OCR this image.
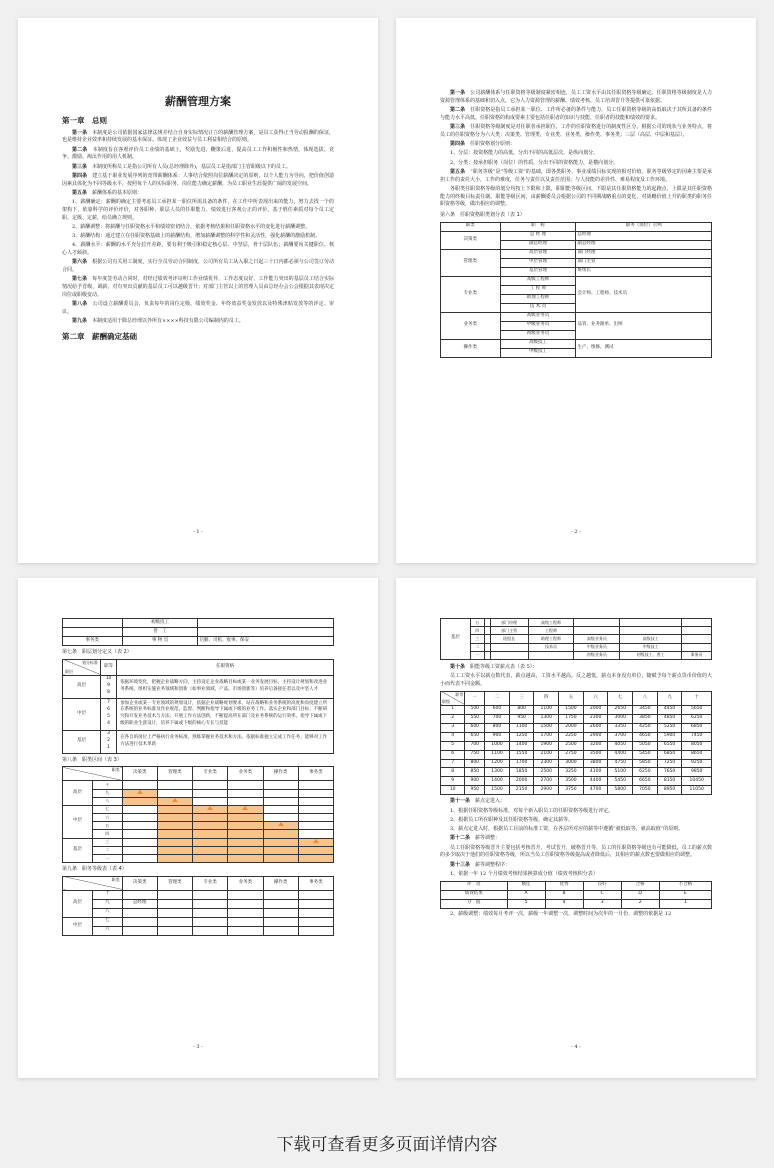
薪酬管理方案
第一章　总则
第一条　 本制度是公司依据国家法律法规并结合自身实际情况订立的薪酬管理方案，是员工获得正当劳动报酬的保证，也是维持企业效率和持续发展的基本保证。体现了企业效益与员工利益相结合的原则。
第二条　 本制度旨在客观评价员工业绩的基础上，奖励先进、鞭策后进，提高员工工作积极性和热情，体现选拔、竞争、激励、淘汰作用的用人机制。
第三条　 本制度所称员工是指公司所有人员(总经理除外)，基层员工是指部门主管职级以下的员工。
第四条　 建立基于职业发展序列的宽带薪酬体系：人事结合依照岗位薪酬决定的原则，以个人能力为导向，把价值创造因素具体化为不同等级水平，按照每个人的实际职务、岗位能力确定薪酬，为员工职业生涯提供广阔的发展空间。
第五条　 薪酬体系的基本原则：
1、薪酬确定：薪酬的确定主要考虑员工承担某一职位所需具备的条件，在工作中所表现出来的能力，努力去找一个的架构下，依靠科学的评价评价，对各职种、职层人员的任职能力、绩效进行客观公正的评价，基于胜任素质对每个员工定职、定级、定薪，给员确立规则。
2、薪酬调整：将薪酬与任职资格水平和绩效密切结合，依据考核结果和任职资格水平的变化进行薪酬调整。
3、薪酬结构：通过建立在任职资格基础上的薪酬结构，增加薪酬调整的科学性和灵活性，强化薪酬的激励机制。
4、薪酬水平：薪酬的水平充分拉开差距，要有利于吸引和稳定核心层、中坚层，骨干层队伍；薪酬要向关键职位、核心人才倾斜。
第六条　 根据公司有关用工制度，实行全员劳动合同制度，公司所有员工从入职之日起三十日内都必须与公司签订劳动合同。
第七条　 每年度签劳动合同时，对经过绩效考评证明工作业绩优异，工作态度良好，工作能力突出的基层员工结合实际情况给予晋级，调薪，对有突出贡献的基层员工可以越级晋升；对部门主管以上的管理人员由总经办会公会根据其表现决定岗位或职级变动。
第八条　 公司设立薪酬委员会，负责每年的岗位定级、绩效奖金、年终效益奖金发放以及特殊津贴发放等的评定、审议。
第九条　 本制度适用于除总经理以外所有××××科技有限公司编制内的员工。
第二章　薪酬确定基础
- 1 -
第一条　 公司薪酬体系与任职资格等级制度紧密相连，员工工资水平由其任职资格等级确定。任职资格等级制度是人力资源管理体系的基础和切入点，它为人力资源管理的薪酬、绩效考核、员工培训晋升等提供可靠依据。
第二条　 任职资格是指员工承担某一职位、工作所必备的条件与能力，员工任职资格等级的高低取决于其所具备的条件与能力水平高低。任职资格的构成要素主要包括任职者的知识与技能、任职者的技能和绩效的要求。
第三条　 任职资格等级制度是对任职者承担职位，工作的任职资格进行的制度性区分。根据公司的现状与业务特点，将员工的任职资格分为六大类：决策类、管理类、专业类、业务类、操作类、事务类；三层（高层、中层和基层）。
第四条　 任职资格划分原则：
1、分层：按资格能力的高低，分出不同的高低层次，是纵向划分。
2、分类：按承担职务（岗位）的性质，分出不同的资格能力，是横向划分。
第五条　 “职务等级”是“等级工资”的基础，即各类职务、事业成绩目标实现的相对价值。职务等级界定的因素主要是承担工作的责任大小，工作的难度，任务与责任以及责任范围；与人技能的差异性、难易程度及工作环境。
各职类任职资格等级的划分均按上下限和上限，职职能等级区间，下限是其任职资格能力的起跑点，上限是其任职资格能力的终极目标责任制。职能等级区间，由薪酬委员会根据公司的不同期战略重点的变化，对战略价值上升的职类的职务任职资格等级，做出相应的调整。
第六条　任职资格职类划分表（表 1）
职类	职　称	职务（岗位）示例
决策类	总 经 理	总经理
	副总经理	副总经理
管理类	高层管理	部门经理
	中层管理	部门主管
	基层管理	班组长
专业类	高级工程师	会计师、工程师、技术员
	工 程 师	
	助理工程师	
	技 术 员	
业务类	高级业务员	品管、业务跟单、出纳
	中级业务员	
	初级业务员	
操作类	高级技工	生产、维修、测试
	中级技工	
- 2 -
	初级技工	
	普　工	
事务类	事 物 员	后勤、司机、收事、保安
第七条　职层划分定义（表 2）
划分标准
职层	职等	任职资格
高层	10
9
8	依据环境变化，把握企业战略方向，主持设定企业战略目标或某一业务发展目标，主持设计规划和改进业务系统，组织实施业务领域和创新（如事业领域、产品、市场创新等）培养后备接任者以及中坚人才
中层	7
6
5
4	参加企业或某一专业领域的规划设计，依据企业战略规划要求，站在战略和业务系统的高度和角度建立所在系统的业务标准及作业规范、监督、判断和指导下属或下级的业务工作。落实企业和部门目标；不断研究和开发业务技术与方法；开展工作方法创新，不断提高所在部门及业务系统的运行效率，指导下属或下级的职业生涯设计，培养下属或下级的核心专长与技能
基层	3
2
1	在各自的岗位上严格执行业务标准，熟练掌握业务技术和方法，依据标准独立完成工作任务；能够对工作方法进行技术革新
第八条　职类区间（表 3）
职类		决策类	管理类	专业类	业务类	操作类	事务类
高层	十						
	九	

	八		

中层	七			

	六						
	五					

	四						
基层	三						

	二						
	一						
第九条　职务等级表（表 4）
职类		决策类	管理类	专业类	业务类	操作类	事务类
高层	十						
	九	总经理					
	八						
中层	七						
	六						
- 3 -
基层	五		部门经理	高级工程师			
	四		部门主管	工程师			
	三		班组长	助理工程师	高级业务员	高级技工	
	二			技术员	中级业务员	中级技工	
	一				初级业务员	初级技工、普工	事务员
第十条　 职能等级工资薪点表（表 5）：
员工工资水平以薪点数代表，薪点越高，工资水平越高。反之越低，薪点本身没有单位，随赋予每个薪点货币价值的大小而代表不同金额。
职等
职级	一	二	三	四	五	六	七	八	九	十
1	500	600	800	1100	1500	2000	2650	3450	4450	5650
2	550	700	950	1300	1750	2300	3000	3850	4850	6250
3	600	800	1100	1500	2000	2600	3350	4250	5250	6850
4	650	900	1250	1700	2250	2900	3700	4650	5900	7450
5	700	1000	1400	1900	2500	3200	4050	5050	6550	8050
6	750	1100	1550	2100	2750	3500	4400	5450	6850	8650
7	800	1200	1700	2300	3000	3800	4750	5850	7250	9250
8	850	1300	1850	2500	3250	4100	5100	6250	7650	9850
9	900	1400	2000	2700	3500	4400	5450	6650	8150	10450
10	950	1500	2150	2900	3750	4700	5800	7050	8950	11050
第十一条　 薪点定进入：
1、根据任职资格等级标准，对每个新入职员工的任职资格等级进行评定。
2、根据员工所在职种及其任职资格等级，确定其薪等。
3、薪点定进入时，根据员工目前的标准工资，在各层所对应的薪等中遵循“就低取等，就高取值”的原则。
第十二条　 薪等调整：
员工任职资格等级晋升主要包括考核晋升，考试晋升，破格晋升等，员工的任职资格等级也有可能降低，员工的薪点数的多少取决于他们的任职资格等级，所以当员工任职资格等级提高或者降低后，其相应的薪点数也要做相应的调整。
第十三条　 薪等调整程序：
1、依据一年 12 个月绩效考核结果换算成分值（绩效考核积分表）
评　语	极佳	优秀	良好	合格	不合格
绩效结果	A	B	C	D	E
分　值	5	4	3	2	1
2、薪级调整：绩效每月考评一次，薪级一年调整一次，调整时间为次年的一月份，调整的依据是 12
- 4 -
下载可查看更多页面详情内容
